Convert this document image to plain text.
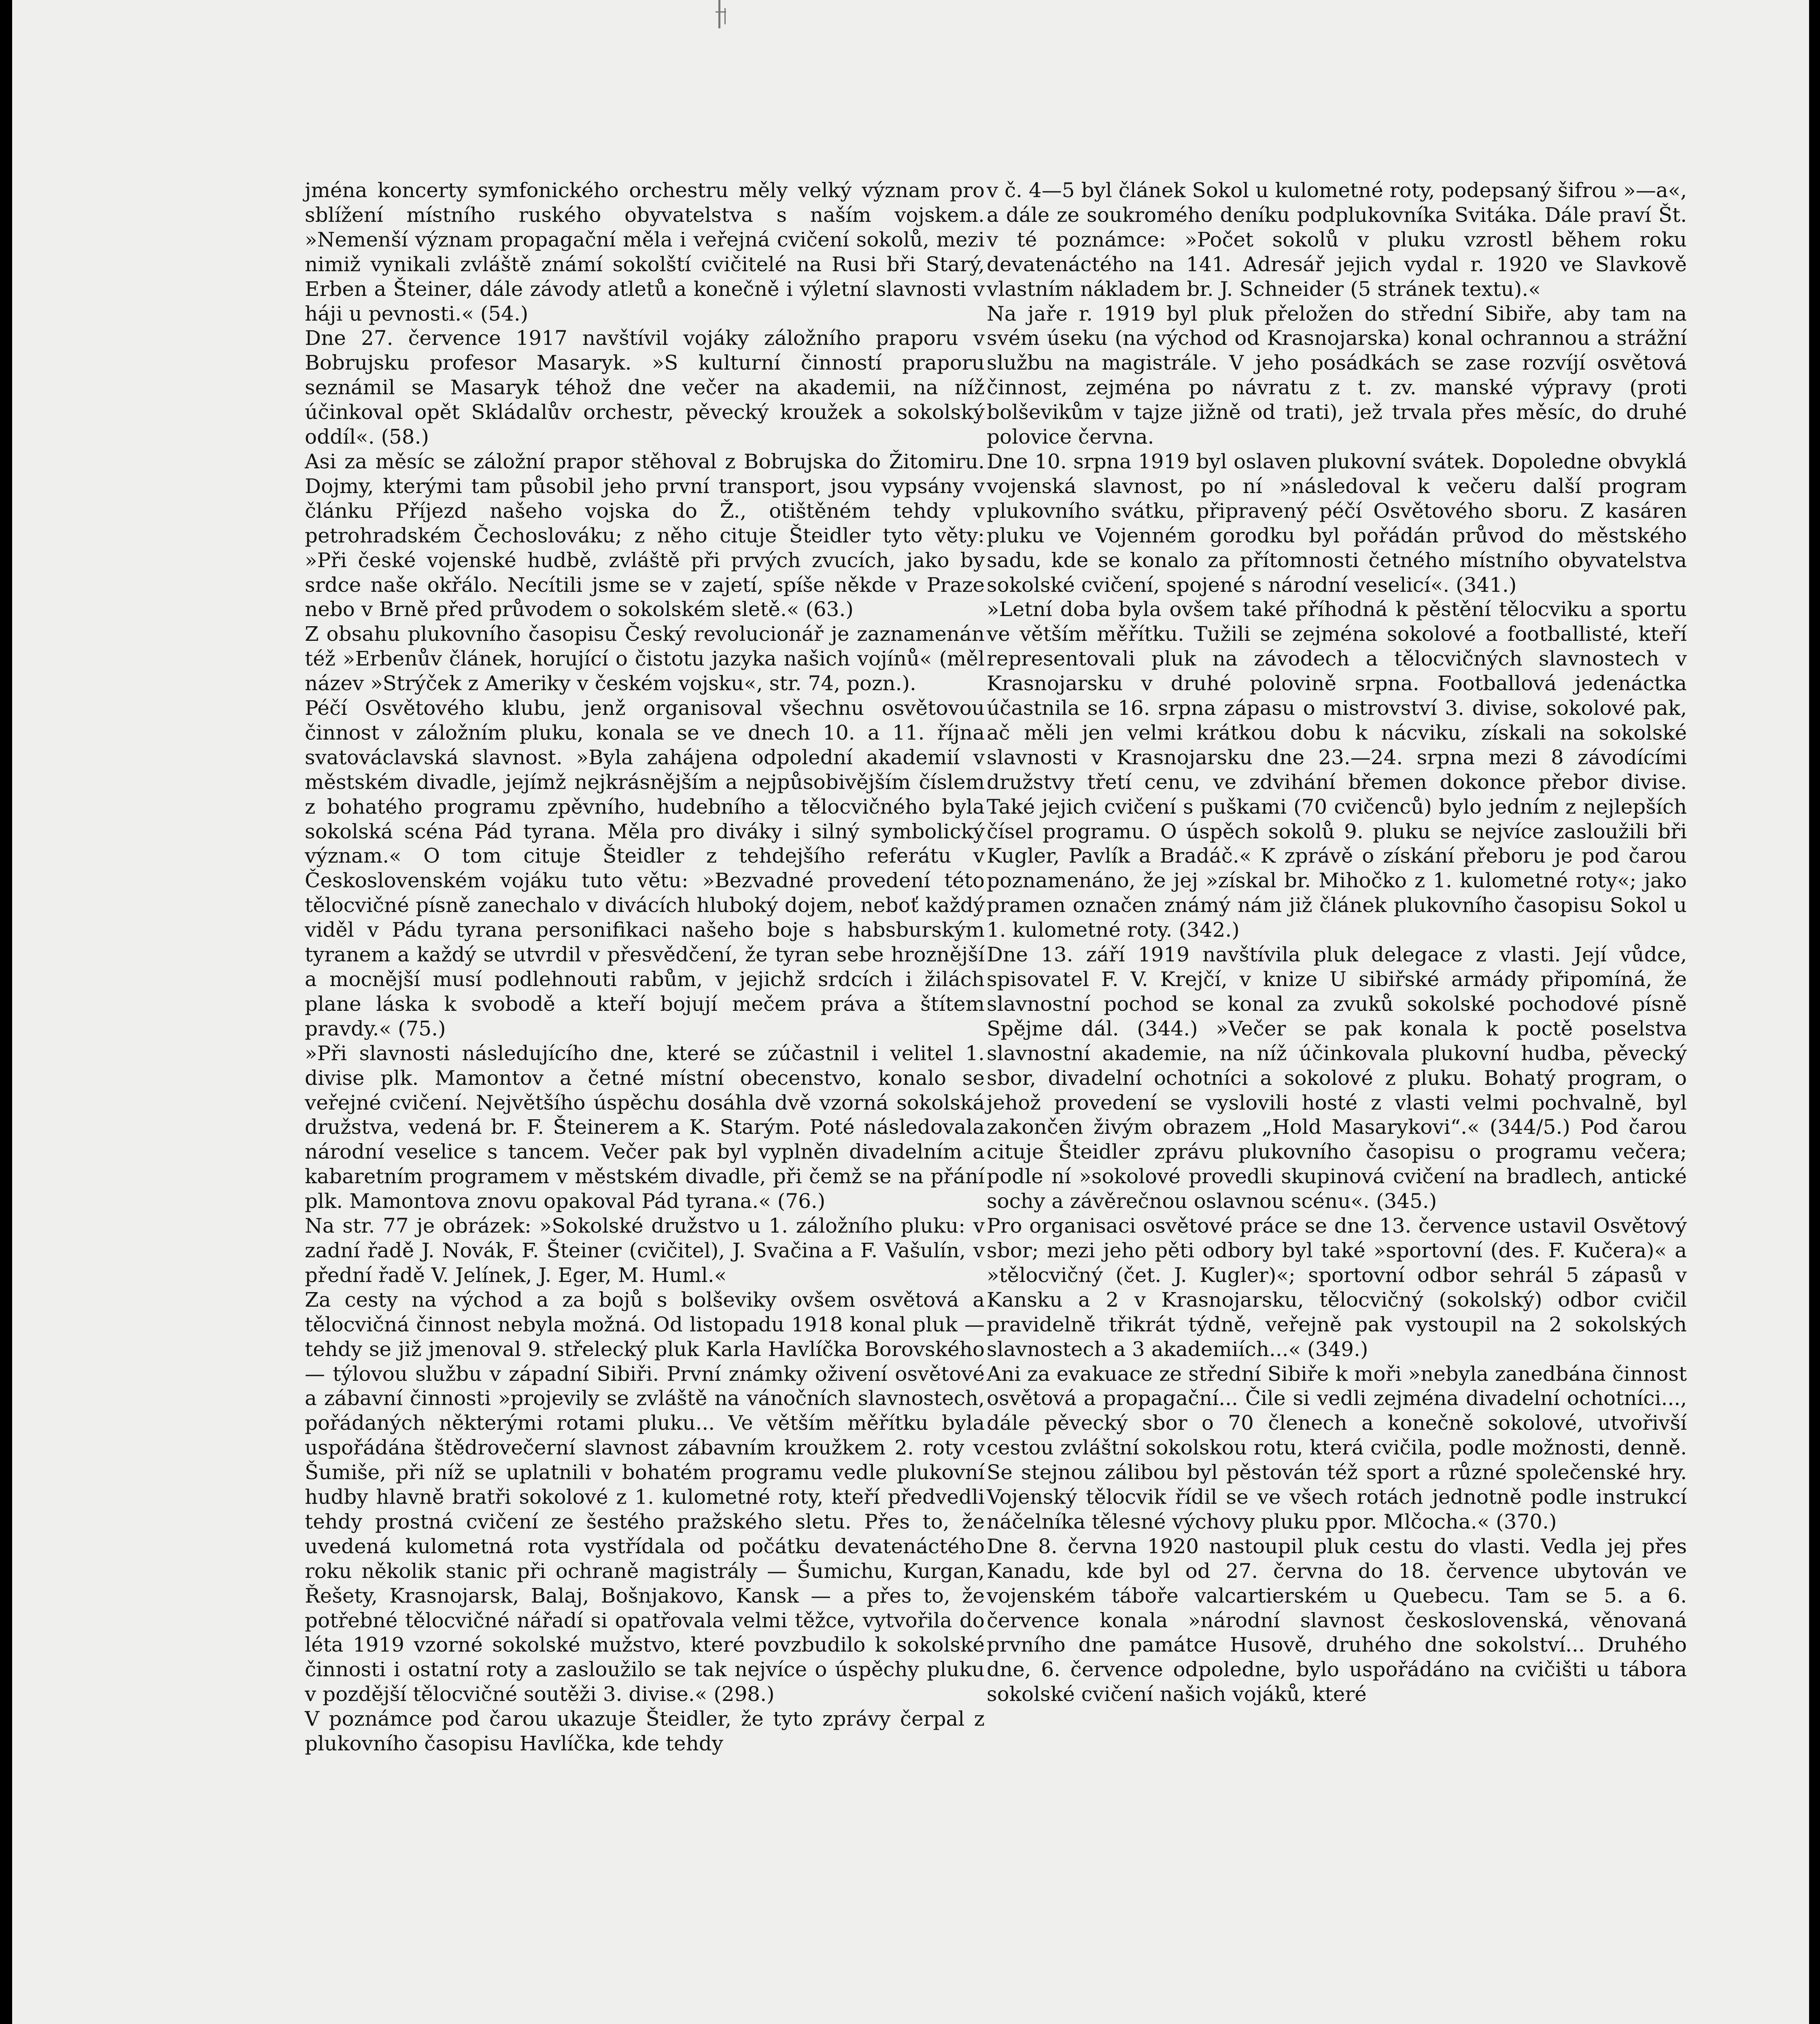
jména koncerty symfonického orchestru měly velký význam pro sblížení místního ruského obyvatelstva s naším vojskem. »Nemenší význam propagační měla i veřejná cvičení sokolů, mezi nimiž vynikali zvláště známí sokolští cvičitelé na Rusi bři Starý, Erben a Šteiner, dále závody atletů a konečně i výletní slavnosti v háji u pevnosti.« (54.)

Dne 27. července 1917 navštívil vojáky záložního praporu v Bobrujsku profesor Masaryk. »S kulturní činností praporu seznámil se Masaryk téhož dne večer na akademii, na níž účinkoval opět Skládalův orchestr, pěvecký kroužek a sokolský oddíl«. (58.)

Asi za měsíc se záložní prapor stěhoval z Bobrujska do Žitomiru. Dojmy, kterými tam působil jeho první transport, jsou vypsány v článku Příjezd našeho vojska do Ž., otištěném tehdy v petrohradském Čechoslováku; z něho cituje Šteidler tyto věty: »Při české vojenské hudbě, zvláště při prvých zvucích, jako by srdce naše okřálo. Necítili jsme se v zajetí, spíše někde v Praze nebo v Brně před průvodem o sokolském sletě.« (63.)

Z obsahu plukovního časopisu Český revolucionář je zaznamenán též »Erbenův článek, horující o čistotu jazyka našich vojínů« (měl název »Strýček z Ameriky v českém vojsku«, str. 74, pozn.).

Péčí Osvětového klubu, jenž organisoval všechnu osvětovou činnost v záložním pluku, konala se ve dnech 10. a 11. října svatováclavská slavnost. »Byla zahájena odpolední akademií v městském divadle, jejímž nejkrásnějším a nejpůsobivějším číslem z bohatého programu zpěvního, hudebního a tělocvičného byla sokolská scéna Pád tyrana. Měla pro diváky i silný symbolický význam.« O tom cituje Šteidler z tehdejšího referátu v Československém vojáku tuto větu: »Bezvadné provedení této tělocvičné písně zanechalo v divácích hluboký dojem, neboť každý viděl v Pádu tyrana personifikaci našeho boje s habsburským tyranem a každý se utvrdil v přesvědčení, že tyran sebe hroznější a mocnější musí podlehnouti rabům, v jejichž srdcích i žilách plane láska k svobodě a kteří bojují mečem práva a štítem pravdy.« (75.)

»Při slavnosti následujícího dne, které se zúčastnil i velitel 1. divise plk. Mamontov a četné místní obecenstvo, konalo se veřejné cvičení. Největšího úspěchu dosáhla dvě vzorná sokolská družstva, vedená br. F. Šteinerem a K. Starým. Poté následovala národní veselice s tancem. Večer pak byl vyplněn divadelním a kabaretním programem v městském divadle, při čemž se na přání plk. Mamontova znovu opakoval Pád tyrana.« (76.)

Na str. 77 je obrázek: »Sokolské družstvo u 1. záložního pluku: v zadní řadě J. Novák, F. Šteiner (cvičitel), J. Svačina a F. Vašulín, v přední řadě V. Jelínek, J. Eger, M. Huml.«

Za cesty na východ a za bojů s bolševiky ovšem osvětová a tělocvičná činnost nebyla možná. Od listopadu 1918 konal pluk — tehdy se již jmenoval 9. střelecký pluk Karla Havlíčka Borovského — týlovou službu v západní Sibiři. První známky oživení osvětové a zábavní činnosti »projevily se zvláště na vánočních slavnostech, pořádaných některými rotami pluku... Ve větším měřítku byla uspořádána štědrovečerní slavnost zábavním kroužkem 2. roty v Šumiše, při níž se uplatnili v bohatém programu vedle plukovní hudby hlavně bratři sokolové z 1. kulometné roty, kteří předvedli tehdy prostná cvičení ze šestého pražského sletu. Přes to, že uvedená kulometná rota vystřídala od počátku devatenáctého roku několik stanic při ochraně magistrály — Šumichu, Kurgan, Řešety, Krasnojarsk, Balaj, Bošnjakovo, Kansk — a přes to, že potřebné tělocvičné nářadí si opatřovala velmi těžce, vytvořila do léta 1919 vzorné sokolské mužstvo, které povzbudilo k sokolské činnosti i ostatní roty a zasloužilo se tak nejvíce o úspěchy pluku v pozdější tělocvičné soutěži 3. divise.« (298.)

V poznámce pod čarou ukazuje Šteidler, že tyto zprávy čerpal z plukovního časopisu Havlíčka, kde tehdy

v č. 4—5 byl článek Sokol u kulometné roty, podepsaný šifrou »—a«, a dále ze soukromého deníku podplukovníka Svitáka. Dále praví Št. v té poznámce: »Počet sokolů v pluku vzrostl během roku devatenáctého na 141. Adresář jejich vydal r. 1920 ve Slavkově vlastním nákladem br. J. Schneider (5 stránek textu).«

Na jaře r. 1919 byl pluk přeložen do střední Sibiře, aby tam na svém úseku (na východ od Krasnojarska) konal ochrannou a strážní službu na magistrále. V jeho posádkách se zase rozvíjí osvětová činnost, zejména po návratu z t. zv. manské výpravy (proti bolševikům v tajze jižně od trati), jež trvala přes měsíc, do druhé polovice června.

Dne 10. srpna 1919 byl oslaven plukovní svátek. Dopoledne obvyklá vojenská slavnost, po ní »následoval k večeru další program plukovního svátku, připravený péčí Osvětového sboru. Z kasáren pluku ve Vojenném gorodku byl pořádán průvod do městského sadu, kde se konalo za přítomnosti četného místního obyvatelstva sokolské cvičení, spojené s národní veselicí«. (341.)

»Letní doba byla ovšem také příhodná k pěstění tělocviku a sportu ve větším měřítku. Tužili se zejména sokolové a footballisté, kteří representovali pluk na závodech a tělocvičných slavnostech v Krasnojarsku v druhé polovině srpna. Footballová jedenáctka účastnila se 16. srpna zápasu o mistrovství 3. divise, sokolové pak, ač měli jen velmi krátkou dobu k nácviku, získali na sokolské slavnosti v Krasnojarsku dne 23.—24. srpna mezi 8 závodícími družstvy třetí cenu, ve zdvihání břemen dokonce přebor divise. Také jejich cvičení s puškami (70 cvičenců) bylo jedním z nejlepších čísel programu. O úspěch sokolů 9. pluku se nejvíce zasloužili bři Kugler, Pavlík a Bradáč.« K zprávě o získání přeboru je pod čarou poznamenáno, že jej »získal br. Mihočko z 1. kulometné roty«; jako pramen označen známý nám již článek plukovního časopisu Sokol u 1. kulometné roty. (342.)

Dne 13. září 1919 navštívila pluk delegace z vlasti. Její vůdce, spisovatel F. V. Krejčí, v knize U sibiřské armády připomíná, že slavnostní pochod se konal za zvuků sokolské pochodové písně Spějme dál. (344.) »Večer se pak konala k poctě poselstva slavnostní akademie, na níž účinkovala plukovní hudba, pěvecký sbor, divadelní ochotníci a sokolové z pluku. Bohatý program, o jehož provedení se vyslovili hosté z vlasti velmi pochvalně, byl zakončen živým obrazem „Hold Masarykovi“.« (344/5.) Pod čarou cituje Šteidler zprávu plukovního časopisu o programu večera; podle ní »sokolové provedli skupinová cvičení na bradlech, antické sochy a závěrečnou oslavnou scénu«. (345.)

Pro organisaci osvětové práce se dne 13. července ustavil Osvětový sbor; mezi jeho pěti odbory byl také »sportovní (des. F. Kučera)« a »tělocvičný (čet. J. Kugler)«; sportovní odbor sehrál 5 zápasů v Kansku a 2 v Krasnojarsku, tělocvičný (sokolský) odbor cvičil pravidelně třikrát týdně, veřejně pak vystoupil na 2 sokolských slavnostech a 3 akademiích...« (349.)

Ani za evakuace ze střední Sibiře k moři »nebyla zanedbána činnost osvětová a propagační... Čile si vedli zejména divadelní ochotníci..., dále pěvecký sbor o 70 členech a konečně sokolové, utvořivší cestou zvláštní sokolskou rotu, která cvičila, podle možnosti, denně. Se stejnou zálibou byl pěstován též sport a různé společenské hry. Vojenský tělocvik řídil se ve všech rotách jednotně podle instrukcí náčelníka tělesné výchovy pluku ppor. Mlčocha.« (370.)

Dne 8. června 1920 nastoupil pluk cestu do vlasti. Vedla jej přes Kanadu, kde byl od 27. června do 18. července ubytován ve vojenském táboře valcartierském u Quebecu. Tam se 5. a 6. července konala »národní slavnost československá, věnovaná prvního dne památce Husově, druhého dne sokolství... Druhého dne, 6. července odpoledne, bylo uspořádáno na cvičišti u tábora sokolské cvičení našich vojáků, které
